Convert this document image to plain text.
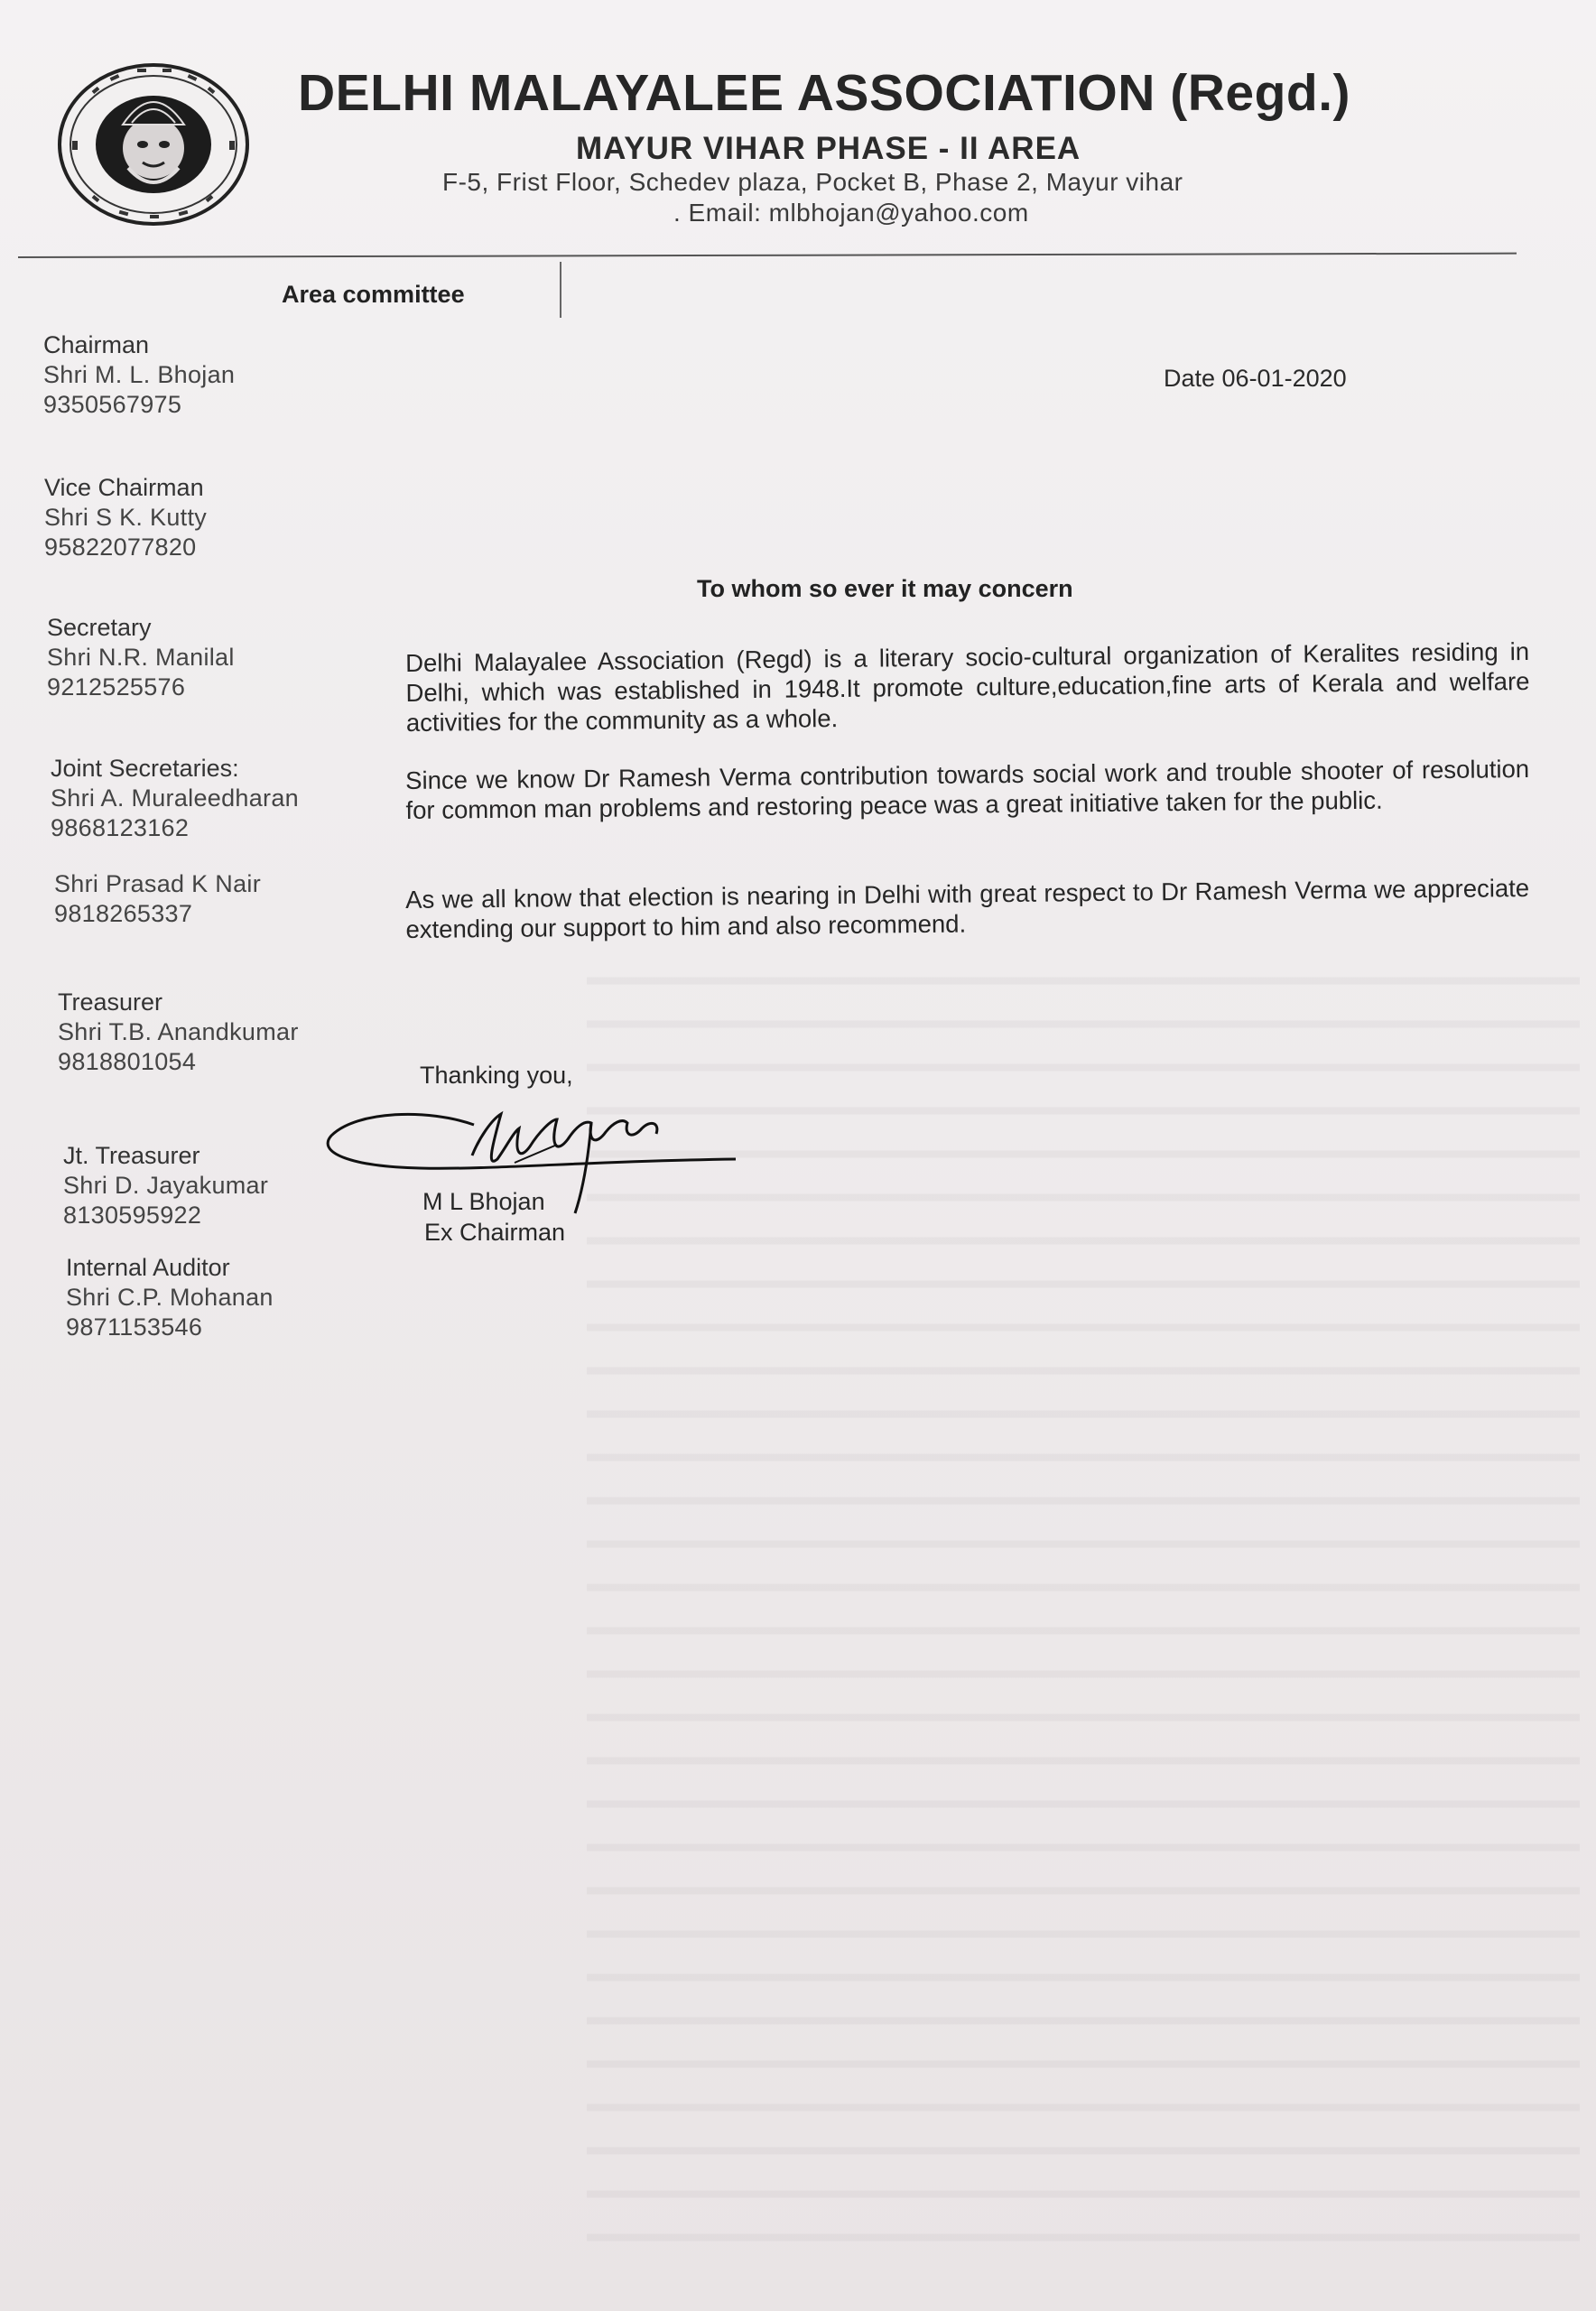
DELHI MALAYALEE ASSOCIATION (Regd.)
MAYUR VIHAR PHASE - II AREA
F-5, Frist Floor, Schedev plaza, Pocket B, Phase 2, Mayur vihar
. Email: mlbhojan@yahoo.com
Area committee
Chairman
Shri M. L. Bhojan
9350567975
Vice Chairman
Shri S K. Kutty
95822077820
Secretary
Shri N.R. Manilal
9212525576
Joint Secretaries:
Shri A. Muraleedharan
9868123162
Shri Prasad K Nair
9818265337
Treasurer
Shri T.B. Anandkumar
9818801054
Jt. Treasurer
Shri D. Jayakumar
8130595922
Internal Auditor
Shri C.P. Mohanan
9871153546
Date 06-01-2020
To whom so ever it may concern
Delhi Malayalee Association (Regd) is a literary socio-cultural organization of Keralites residing in Delhi, which was established in 1948.It promote culture,education,fine arts of Kerala and welfare activities for the community as a whole.
Since we know Dr Ramesh Verma contribution towards social work and trouble shooter of resolution for common man problems and restoring peace was a great initiative taken for the public.
As we all know that election is nearing in Delhi with great respect to Dr Ramesh Verma we appreciate extending our support to him and also recommend.
Thanking you,
M L Bhojan
Ex Chairman
